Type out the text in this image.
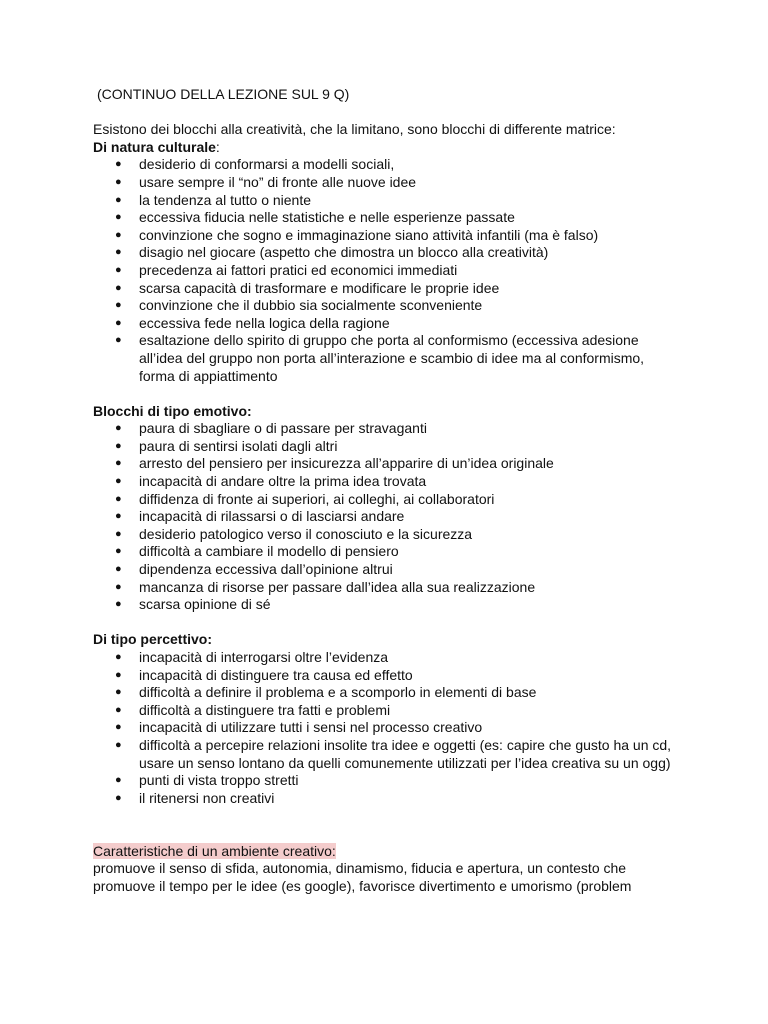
(CONTINUO DELLA LEZIONE SUL 9 Q)

Esistono dei blocchi alla creatività, che la limitano, sono blocchi di differente matrice:

Di natura culturale:

● desiderio di conformarsi a modelli sociali,
● usare sempre il “no” di fronte alle nuove idee
● la tendenza al tutto o niente
● eccessiva fiducia nelle statistiche e nelle esperienze passate
● convinzione che sogno e immaginazione siano attività infantili (ma è falso)
● disagio nel giocare (aspetto che dimostra un blocco alla creatività)
● precedenza ai fattori pratici ed economici immediati
● scarsa capacità di trasformare e modificare le proprie idee
● convinzione che il dubbio sia socialmente sconveniente
● eccessiva fede nella logica della ragione
● esaltazione dello spirito di gruppo che porta al conformismo (eccessiva adesione all’idea del gruppo non porta all’interazione e scambio di idee ma al conformismo, forma di appiattimento

Blocchi di tipo emotivo:

● paura di sbagliare o di passare per stravaganti
● paura di sentirsi isolati dagli altri
● arresto del pensiero per insicurezza all’apparire di un’idea originale
● incapacità di andare oltre la prima idea trovata
● diffidenza di fronte ai superiori, ai colleghi, ai collaboratori
● incapacità di rilassarsi o di lasciarsi andare
● desiderio patologico verso il conosciuto e la sicurezza
● difficoltà a cambiare il modello di pensiero
● dipendenza eccessiva dall’opinione altrui
● mancanza di risorse per passare dall’idea alla sua realizzazione
● scarsa opinione di sé

Di tipo percettivo:

● incapacità di interrogarsi oltre l’evidenza
● incapacità di distinguere tra causa ed effetto
● difficoltà a definire il problema e a scomporlo in elementi di base
● difficoltà a distinguere tra fatti e problemi
● incapacità di utilizzare tutti i sensi nel processo creativo
● difficoltà a percepire relazioni insolite tra idee e oggetti (es: capire che gusto ha un cd, usare un senso lontano da quelli comunemente utilizzati per l’idea creativa su un ogg)
● punti di vista troppo stretti
● il ritenersi non creativi

Caratteristiche di un ambiente creativo:

promuove il senso di sfida, autonomia, dinamismo, fiducia e apertura, un contesto che promuove il tempo per le idee (es google), favorisce divertimento e umorismo (problem
